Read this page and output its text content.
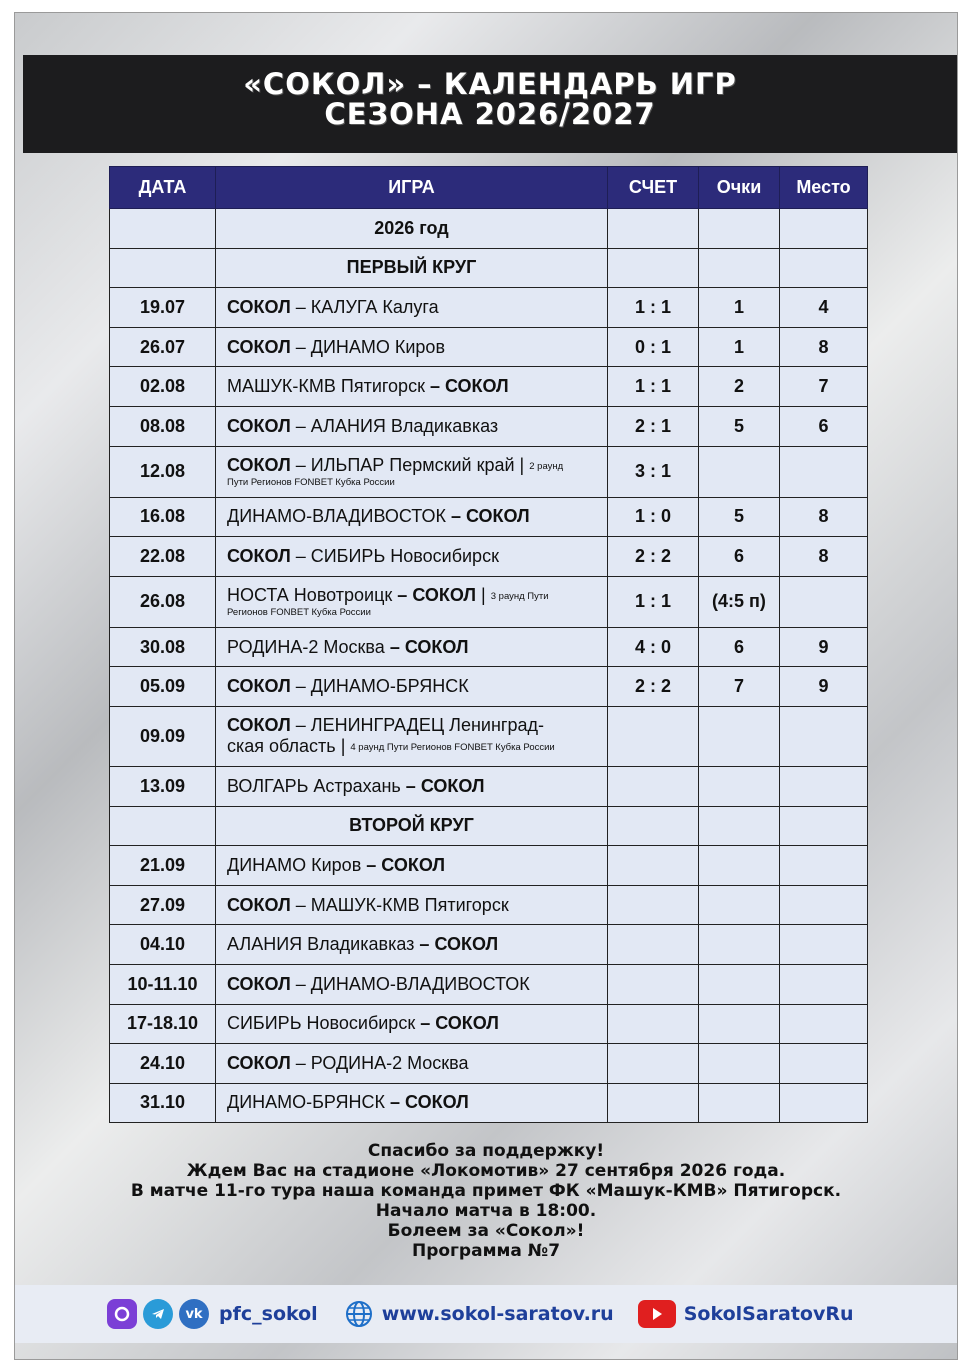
«СОКОЛ» – КАЛЕНДАРЬ ИГР
СЕЗОНА 2026/2027
ДАТА	ИГРА	СЧЕТ	Очки	Место
	2026 год			
	ПЕРВЫЙ КРУГ			
19.07	СОКОЛ – КАЛУГА Калуга	1 : 1	1	4
26.07	СОКОЛ – ДИНАМО Киров	0 : 1	1	8
02.08	МАШУК-КМВ Пятигорск – СОКОЛ	1 : 1	2	7
08.08	СОКОЛ – АЛАНИЯ Владикавказ	2 : 1	5	6
12.08	СОКОЛ – ИЛЬПАР Пермский край | 2 раунд
Пути Регионов FONBET Кубка России	3 : 1		
16.08	ДИНАМО-ВЛАДИВОСТОК – СОКОЛ	1 : 0	5	8
22.08	СОКОЛ – СИБИРЬ Новосибирск	2 : 2	6	8
26.08	НОСТА Новотроицк – СОКОЛ | 3 раунд Пути
Регионов FONBET Кубка России	1 : 1	(4:5 п)	
30.08	РОДИНА-2 Москва – СОКОЛ	4 : 0	6	9
05.09	СОКОЛ – ДИНАМО-БРЯНСК	2 : 2	7	9
09.09	СОКОЛ – ЛЕНИНГРАДЕЦ Ленинград-
ская область | 4 раунд Пути Регионов FONBET Кубка России			
13.09	ВОЛГАРЬ Астрахань – СОКОЛ			
	ВТОРОЙ КРУГ			
21.09	ДИНАМО Киров – СОКОЛ			
27.09	СОКОЛ – МАШУК-КМВ Пятигорск			
04.10	АЛАНИЯ Владикавказ – СОКОЛ			
10-11.10	СОКОЛ – ДИНАМО-ВЛАДИВОСТОК			
17-18.10	СИБИРЬ Новосибирск – СОКОЛ			
24.10	СОКОЛ – РОДИНА-2 Москва			
31.10	ДИНАМО-БРЯНСК – СОКОЛ			
Спасибо за поддержку!
Ждем Вас на стадионе «Локомотив» 27 сентября 2026 года.
В матче 11-го тура наша команда примет ФК «Машук-КМВ» Пятигорск.
Начало матча в 18:00.
Болеем за «Сокол»!
Программа №7
vk pfc_sokol	www.sokol-saratov.ru	SokolSaratovRu
